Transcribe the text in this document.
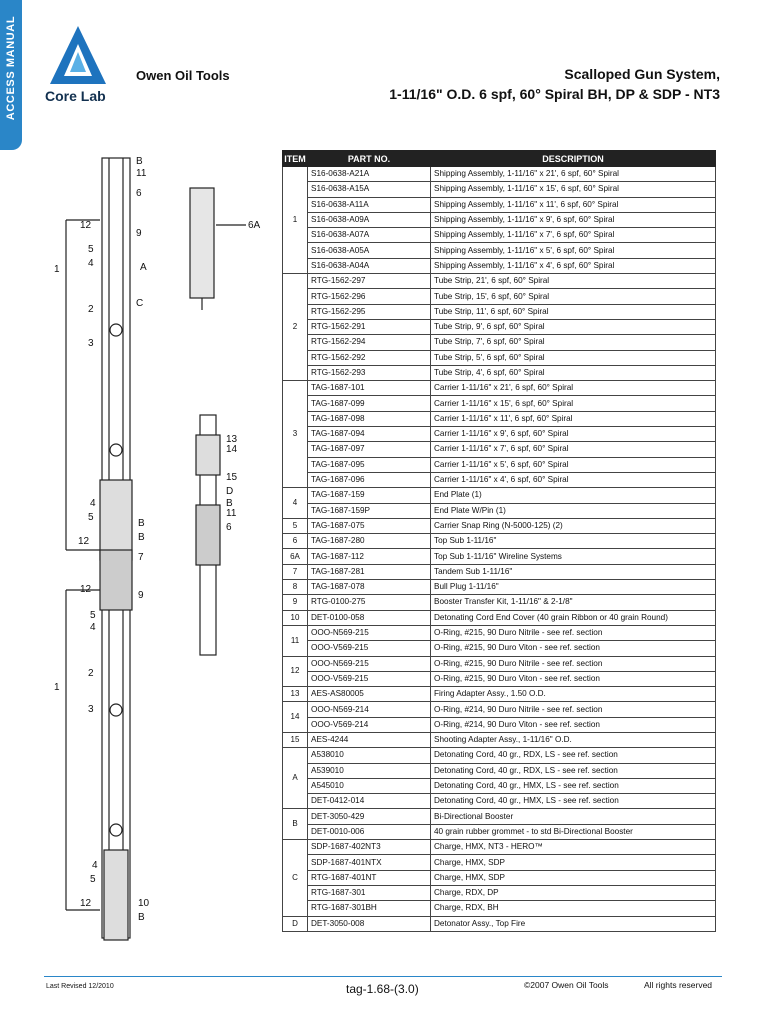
ACCESS MANUAL Core Lab
Owen Oil Tools	Scalloped Gun System,
1-11/16" O.D. 6 spf, 60° Spiral BH, DP & SDP - NT3
B
11
6
12
9
5
4	A
1
2
C
3
4
5
B
12	B
7
12
9
5
4
2
1
3
4
5
12	10
B
6A
13
14
15
D
B
11
6
ITEM	PART NO.	DESCRIPTION
1	S16-0638-A21A	Shipping Assembly, 1-11/16" x 21', 6 spf, 60° Spiral
	S16-0638-A15A	Shipping Assembly, 1-11/16" x 15', 6 spf, 60° Spiral
	S16-0638-A11A	Shipping Assembly, 1-11/16" x 11', 6 spf, 60° Spiral
	S16-0638-A09A	Shipping Assembly, 1-11/16" x 9', 6 spf, 60° Spiral
	S16-0638-A07A	Shipping Assembly, 1-11/16" x 7', 6 spf, 60° Spiral
	S16-0638-A05A	Shipping Assembly, 1-11/16" x 5', 6 spf, 60° Spiral
	S16-0638-A04A	Shipping Assembly, 1-11/16" x 4', 6 spf, 60° Spiral
2	RTG-1562-297	Tube Strip, 21', 6 spf, 60° Spiral
	RTG-1562-296	Tube Strip, 15', 6 spf, 60° Spiral
	RTG-1562-295	Tube Strip, 11', 6 spf, 60° Spiral
	RTG-1562-291	Tube Strip, 9', 6 spf, 60° Spiral
	RTG-1562-294	Tube Strip, 7', 6 spf, 60° Spiral
	RTG-1562-292	Tube Strip, 5', 6 spf, 60° Spiral
	RTG-1562-293	Tube Strip, 4', 6 spf, 60° Spiral
3	TAG-1687-101	Carrier 1-11/16" x 21', 6 spf, 60° Spiral
	TAG-1687-099	Carrier 1-11/16" x 15', 6 spf, 60° Spiral
	TAG-1687-098	Carrier 1-11/16" x 11', 6 spf, 60° Spiral
	TAG-1687-094	Carrier 1-11/16" x 9', 6 spf, 60° Spiral
	TAG-1687-097	Carrier 1-11/16" x 7', 6 spf, 60° Spiral
	TAG-1687-095	Carrier 1-11/16" x 5', 6 spf, 60° Spiral
	TAG-1687-096	Carrier 1-11/16" x 4', 6 spf, 60° Spiral
4	TAG-1687-159	End Plate (1)
	TAG-1687-159P	End Plate W/Pin (1)
5	TAG-1687-075	Carrier Snap Ring (N-5000-125) (2)
6	TAG-1687-280	Top Sub 1-11/16"
6A	TAG-1687-112	Top Sub 1-11/16" Wireline Systems
7	TAG-1687-281	Tandem Sub 1-11/16"
8	TAG-1687-078	Bull Plug 1-11/16"
9	RTG-0100-275	Booster Transfer Kit, 1-11/16" & 2-1/8"
10	DET-0100-058	Detonating Cord End Cover (40 grain Ribbon or 40 grain Round)
11	OOO-N569-215	O-Ring, #215, 90 Duro Nitrile - see ref. section
	OOO-V569-215	O-Ring, #215, 90 Duro Viton - see ref. section
12	OOO-N569-215	O-Ring, #215, 90 Duro Nitrile - see ref. section
	OOO-V569-215	O-Ring, #215, 90 Duro Viton - see ref. section
13	AES-AS80005	Firing Adapter Assy., 1.50 O.D.
14	OOO-N569-214	O-Ring, #214, 90 Duro Nitrile - see ref. section
	OOO-V569-214	O-Ring, #214, 90 Duro Viton - see ref. section
15	AES-4244	Shooting Adapter Assy., 1-11/16" O.D.
A	A538010	Detonating Cord, 40 gr., RDX, LS - see ref. section
	A539010	Detonating Cord, 40 gr., RDX, LS - see ref. section
	A545010	Detonating Cord, 40 gr., HMX, LS - see ref. section
	DET-0412-014	Detonating Cord, 40 gr., HMX, LS - see ref. section
B	DET-3050-429	Bi-Directional Booster
	DET-0010-006	40 grain rubber grommet - to std Bi-Directional Booster
C	SDP-1687-402NT3	Charge, HMX, NT3 - HERO™
	SDP-1687-401NTX	Charge, HMX, SDP
	RTG-1687-401NT	Charge, HMX, SDP
	RTG-1687-301	Charge, RDX, DP
	RTG-1687-301BH	Charge, RDX, BH
D	DET-3050-008	Detonator Assy., Top Fire
Last Revised 12/2010	tag-1.68-(3.0)	©2007 Owen Oil Tools	All rights reserved
